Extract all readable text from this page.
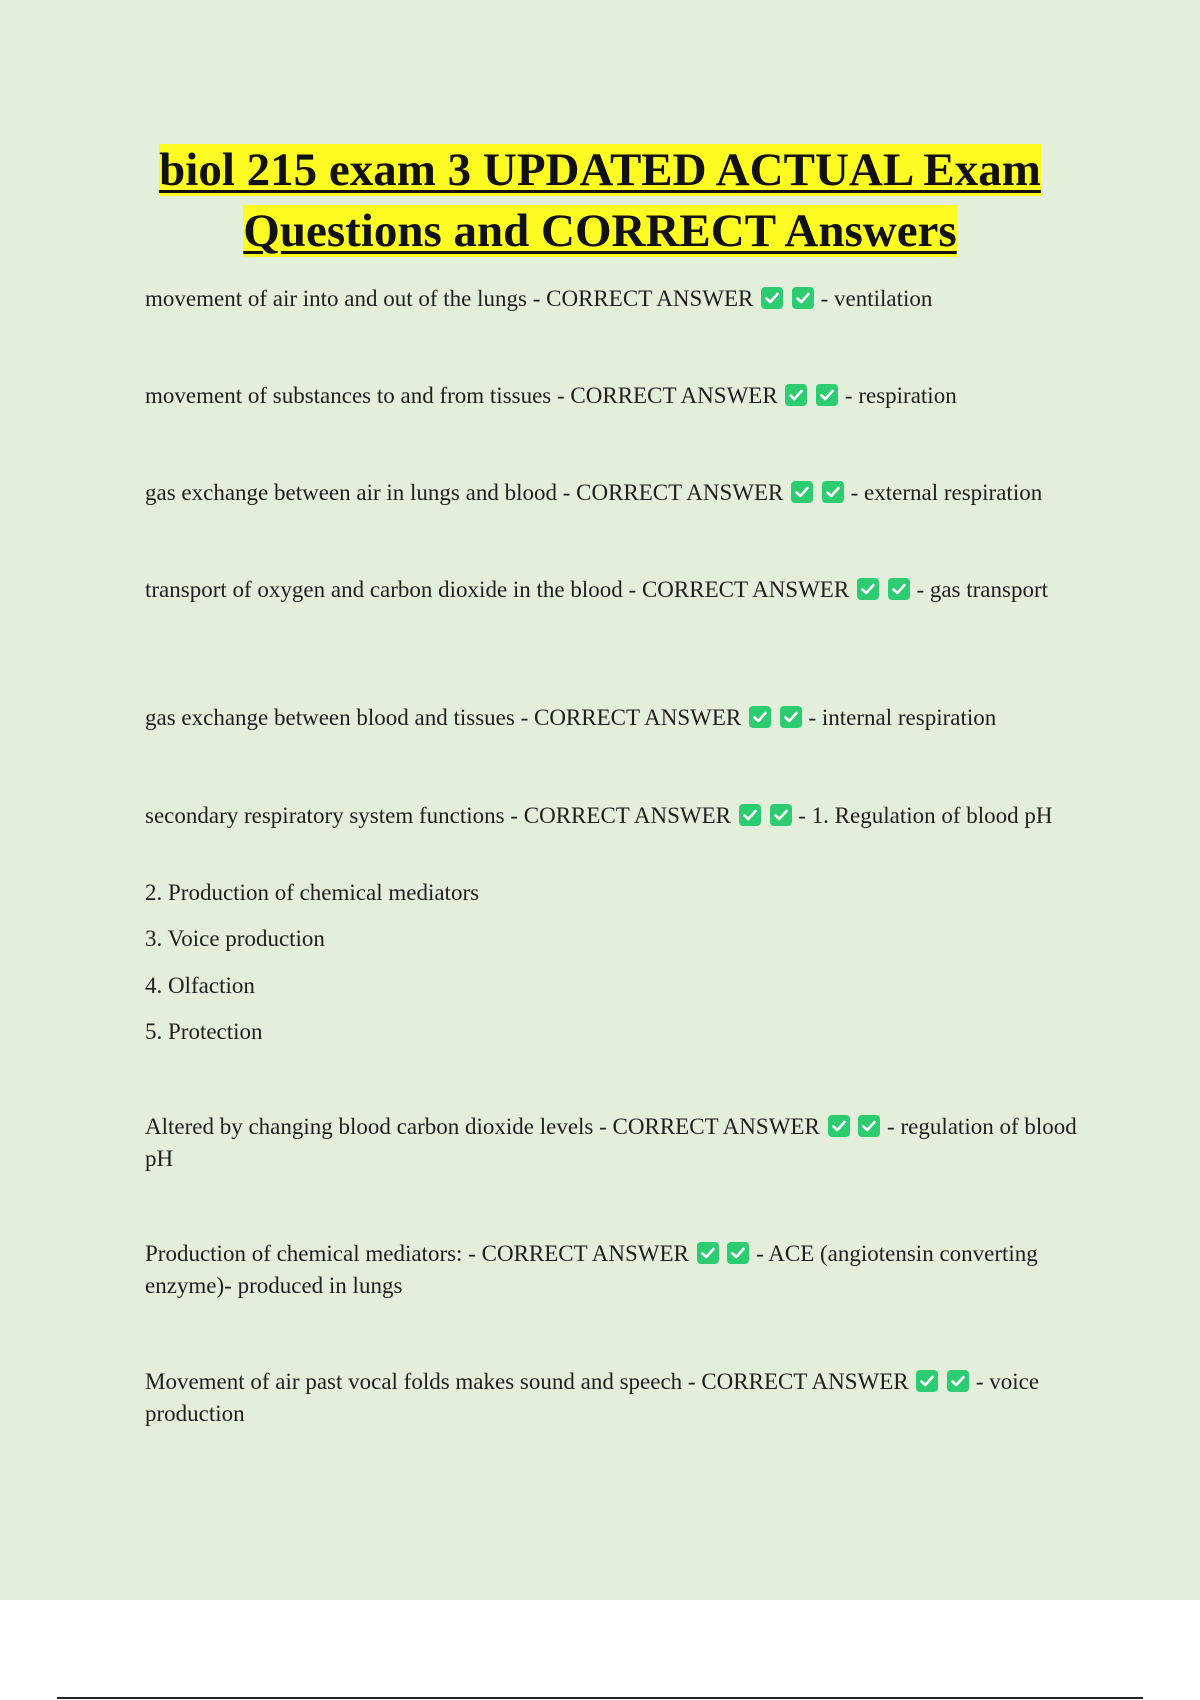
biol 215 exam 3 UPDATED ACTUAL Exam
Questions and CORRECT Answers

movement of air into and out of the lungs - CORRECT ANSWER
	- ventilation

movement of substances to and from tissues - CORRECT ANSWER
	- respiration

gas exchange between air in lungs and blood - CORRECT ANSWER
	- external respiration

transport of oxygen and carbon dioxide in the blood - CORRECT ANSWER
	- gas transport

gas exchange between blood and tissues - CORRECT ANSWER
	- internal respiration

secondary respiratory system functions - CORRECT ANSWER
	- 1. Regulation of blood pH

2. Production of chemical mediators

3. Voice production

4. Olfaction

5. Protection

Altered by changing blood carbon dioxide levels - CORRECT ANSWER
	- regulation of blood pH

Production of chemical mediators: - CORRECT ANSWER
	- ACE (angiotensin converting enzyme)- produced in lungs

Movement of air past vocal folds makes sound and speech - CORRECT ANSWER
	- voice production
